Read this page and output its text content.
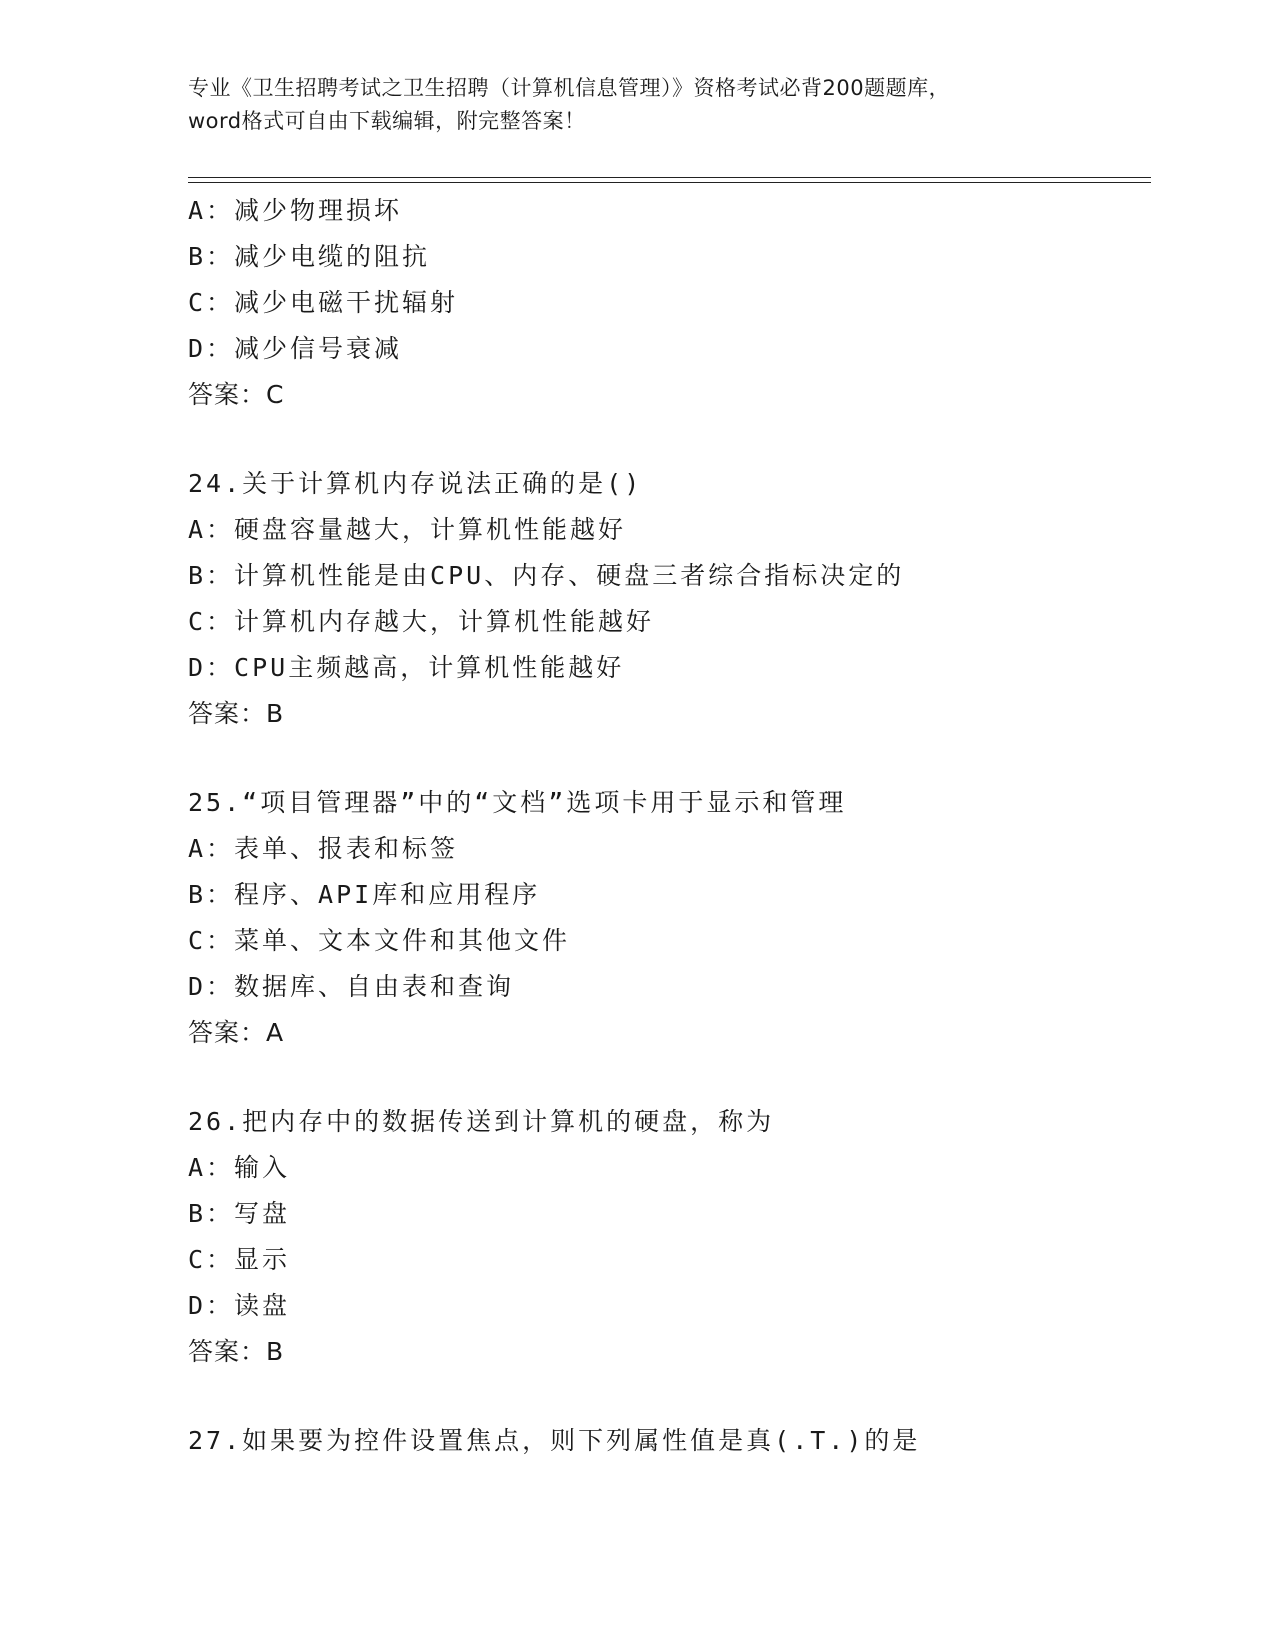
专业《卫生招聘考试之卫生招聘（计算机信息管理）》资格考试必背200题题库，
word格式可自由下载编辑，附完整答案！
A：减少物理损坏
B：减少电缆的阻抗
C：减少电磁干扰辐射
D：减少信号衰减
答案：C
24.关于计算机内存说法正确的是()
A：硬盘容量越大，计算机性能越好
B：计算机性能是由CPU、内存、硬盘三者综合指标决定的
C：计算机内存越大，计算机性能越好
D：CPU主频越高，计算机性能越好
答案：B
25.“项目管理器”中的“文档”选项卡用于显示和管理
A：表单、报表和标签
B：程序、API库和应用程序
C：菜单、文本文件和其他文件
D：数据库、自由表和查询
答案：A
26.把内存中的数据传送到计算机的硬盘，称为
A：输入
B：写盘
C：显示
D：读盘
答案：B
27.如果要为控件设置焦点，则下列属性值是真(.T.)的是
